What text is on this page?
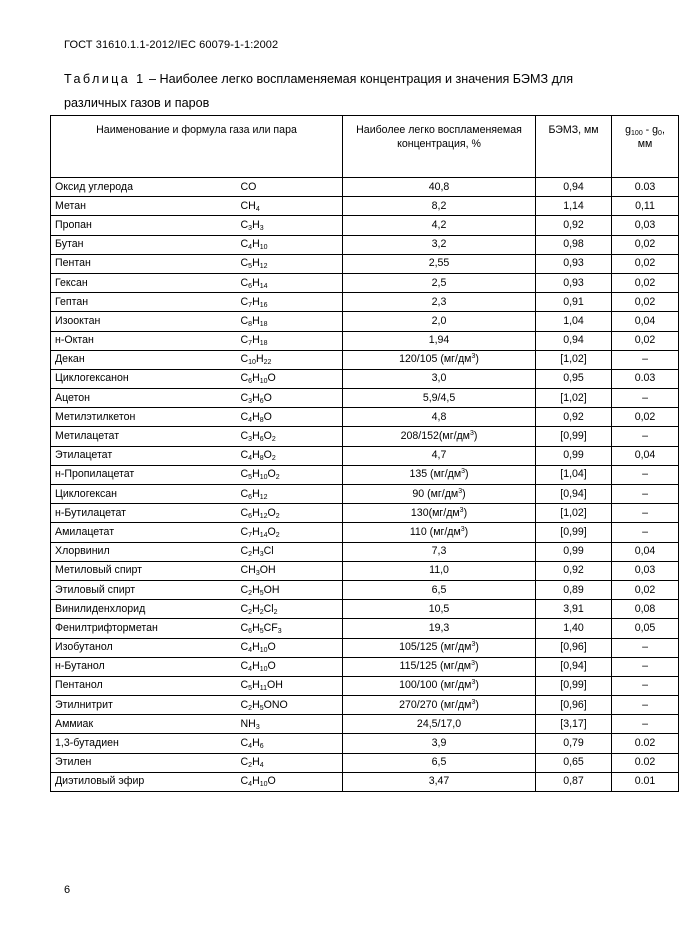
ГОСТ 31610.1.1-2012/IEC 60079-1-1:2002
Таблица 1 – Наиболее легко воспламеняемая концентрация и значения БЭМЗ для различных газов и паров
Наименование и формула газа или пара		Наиболее легко воспламеняемая концентрация, %	БЭМЗ, мм	$g_{100} - g_0$,
мм
Оксид углерода	CO	40,8	0,94	0.03
Метан	$CH_4$	8,2	1,14	0,11
Пропан	$C_3H_3$	4,2	0,92	0,03
Бутан	$C_4H_{10}$	3,2	0,98	0,02
Пентан	$C_5H_{12}$	2,55	0,93	0,02
Гексан	$C_6H_{14}$	2,5	0,93	0,02
Гептан	$C_7H_{16}$	2,3	0,91	0,02
Изооктан	$C_8H_{18}$	2,0	1,04	0,04
н-Октан	$C_7H_{18}$	1,94	0,94	0,02
Декан	$C_{10}H_{22}$	120/105 $(мг/дм^3)$	[1,02]	–
Циклогексанон	$C_6H_{10}O$	3,0	0,95	0.03
Ацетон	$C_3H_6O$	5,9/4,5	[1,02]	–
Метилэтилкетон	$C_4H_8O$	4,8	0,92	0,02
Метилацетат	$C_3H_6O_2$	$208/152(мг/дм^3)$	[0,99]	–
Этилацетат	$C_4H_8O_2$	4,7	0,99	0,04
н-Пропилацетат	$C_5H_{10}O_2$	135 $(мг/дм^3)$	[1,04]	–
Циклогексан	$C_6H_{12}$	90 $(мг/дм^3)$	[0,94]	–
н-Бутилацетат	$C_6H_{12}O_2$	$130(мг/дм^3)$	[1,02]	–
Амилацетат	$C_7H_{14}O_2$	110 $(мг/дм^3)$	[0,99]	–
Хлорвинил	$C_2H_3Cl$	7,3	0,99	0,04
Метиловый спирт	$CH_3OH$	11,0	0,92	0,03
Этиловый спирт	$C_2H_5OH$	6,5	0,89	0,02
Винилиденхлорид	$C_2H_2Cl_2$	10,5	3,91	0,08
Фенилтрифторметан	$C_6H_5CF_3$	19,3	1,40	0,05
Изобутанол	$C_4H_{10}O$	105/125 $(мг/дм^3)$	[0,96]	–
н-Бутанол	$C_4H_{10}O$	115/125 $(мг/дм^3)$	[0,94]	–
Пентанол	$C_5H_{11}OH$	100/100 $(мг/дм^3)$	[0,99]	–
Этилнитрит	$C_2H_5ONO$	270/270 $(мг/дм^3)$	[0,96]	–
Аммиак	$NH_3$	24,5/17,0	[3,17]	–
1,3-бутадиен	$C_4H_6$	3,9	0,79	0.02
Этилен	$C_2H_4$	6,5	0,65	0.02
Диэтиловый эфир	$C_4H_{10}O$	3,47	0,87	0.01
6
